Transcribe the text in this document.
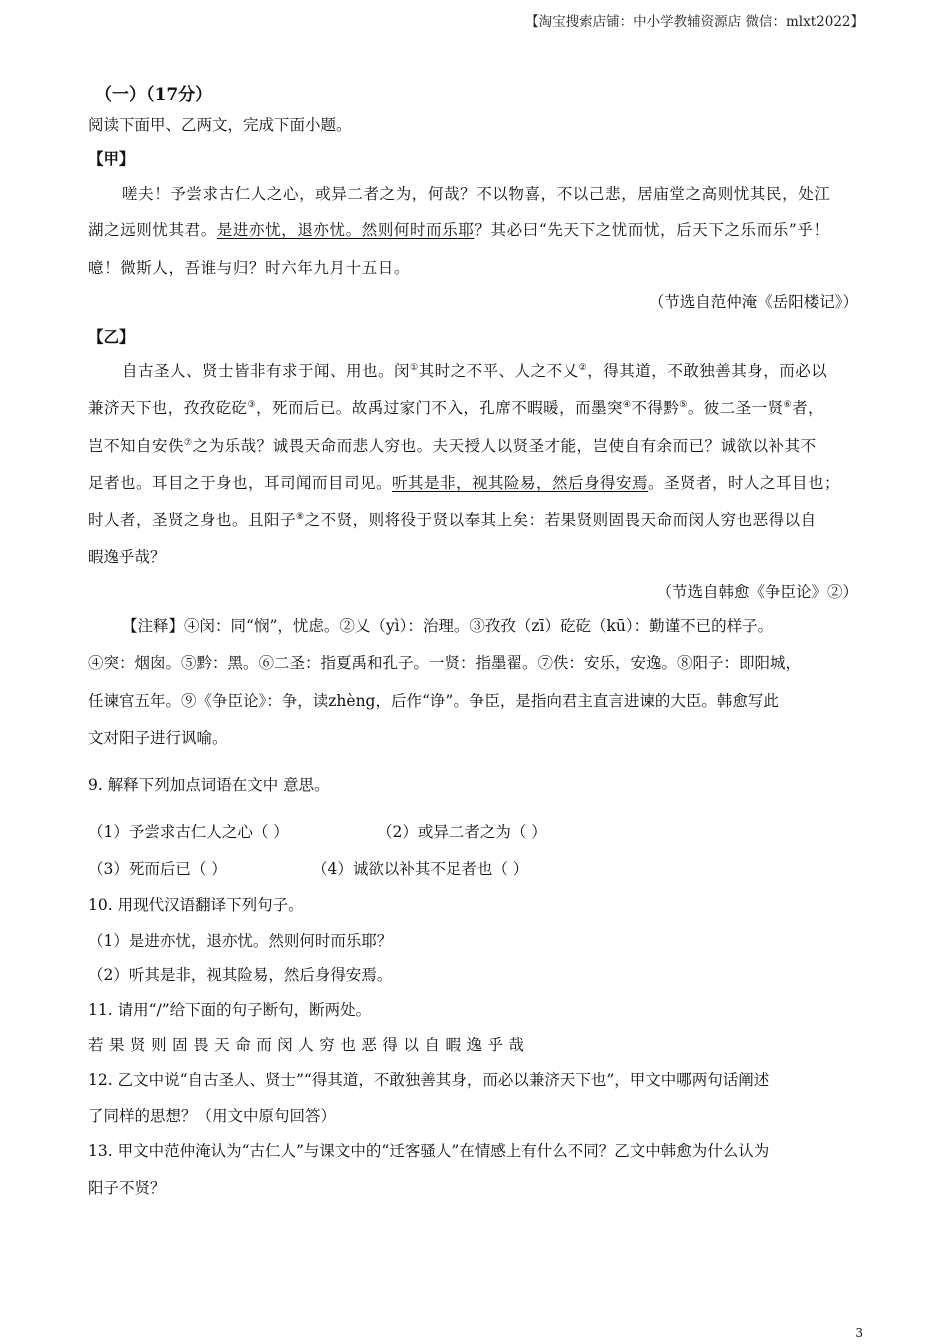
【淘宝搜索店铺：中小学教辅资源店 微信：mlxt2022】
（一）（17分）
阅读下面甲、乙两文，完成下面小题。
【甲】
嗟夫！予尝求古仁人之心，或异二者之为，何哉？不以物喜，不以己悲，居庙堂之高则忧其民，处江
湖之远则忧其君。是进亦忧，退亦忧。然则何时而乐耶？其必曰“先天下之忧而忧，后天下之乐而乐”乎！
噫！微斯人，吾谁与归？时六年九月十五日。
（节选自范仲淹《岳阳楼记》）
【乙】
自古圣人、贤士皆非有求于闻、用也。闵①其时之不平、人之不乂②，得其道，不敢独善其身，而必以
兼济天下也，孜孜矻矻③，死而后已。故禹过家门不入，孔席不暇暖，而墨突④不得黔⑤。彼二圣一贤⑥者，
岂不知自安佚⑦之为乐哉？诚畏天命而悲人穷也。夫天授人以贤圣才能，岂使自有余而已？诚欲以补其不
足者也。耳目之于身也，耳司闻而目司见。听其是非，视其险易，然后身得安焉。圣贤者，时人之耳目也；
时人者，圣贤之身也。且阳子⑧之不贤，则将役于贤以奉其上矣：若果贤则固畏天命而闵人穷也恶得以自
暇逸乎哉？
（节选自韩愈《争臣论》②）
【注释】④闵：同“悯”，忧虑。②乂（yì）：治理。③孜孜（zī）矻矻（kū）：勤谨不已的样子。
④突：烟囱。⑤黔：黑。⑥二圣：指夏禹和孔子。一贤：指墨翟。⑦佚：安乐，安逸。⑧阳子：即阳城，
任谏官五年。⑨《争臣论》：争，读zhèng，后作“诤”。争臣，是指向君主直言进谏的大臣。韩愈写此
文对阳子进行讽喻。
9. 解释下列加点词语在文中 意思。
（1）予尝求古仁人之心（ ）	（2）或异二者之为（ ）
（3）死而后已（ ）	（4）诚欲以补其不足者也（ ）
10. 用现代汉语翻译下列句子。
（1）是进亦忧，退亦忧。然则何时而乐耶？
（2）听其是非，视其险易，然后身得安焉。
11. 请用“/”给下面的句子断句，断两处。
若 果 贤 则 固 畏 天 命 而 闵 人 穷 也 恶 得 以 自 暇 逸 乎 哉
12. 乙文中说“自古圣人、贤士”“得其道，不敢独善其身，而必以兼济天下也”，甲文中哪两句话阐述
了同样的思想？（用文中原句回答）
13. 甲文中范仲淹认为“古仁人”与课文中的“迁客骚人”在情感上有什么不同？乙文中韩愈为什么认为
阳子不贤？
3
